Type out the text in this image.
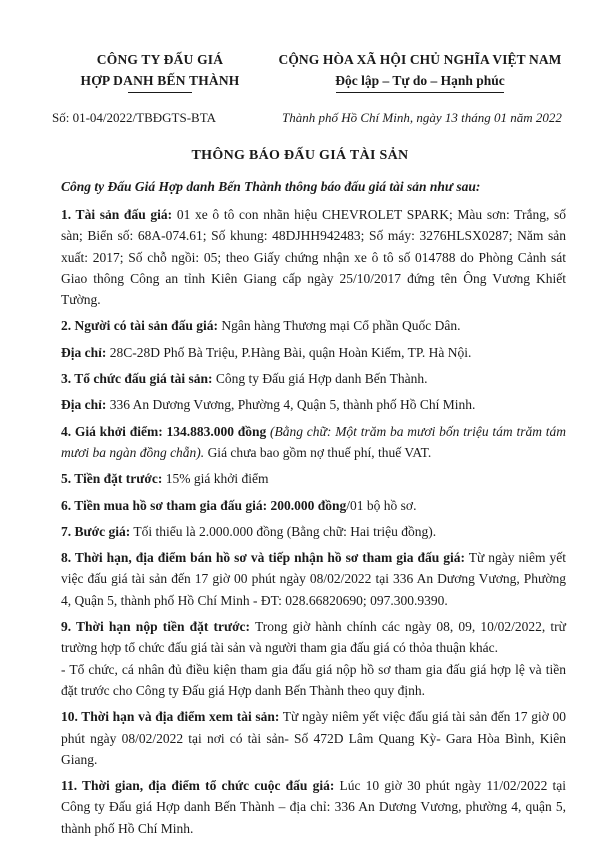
CÔNG TY ĐẤU GIÁ
HỢP DANH BẾN THÀNH
CỘNG HÒA XÃ HỘI CHỦ NGHĨA VIỆT NAM
Độc lập – Tự do – Hạnh phúc
Số: 01-04/2022/TBĐGTS-BTA	Thành phố Hồ Chí Minh, ngày 13 tháng 01 năm 2022
THÔNG BÁO ĐẤU GIÁ TÀI SẢN
Công ty Đấu Giá Hợp danh Bến Thành thông báo đấu giá tài sản như sau:

1. Tài sản đấu giá: 01 xe ô tô con nhãn hiệu CHEVROLET SPARK; Màu sơn: Trắng, số sàn; Biển số: 68A-074.61; Số khung: 48DJHH942483; Số máy: 3276HLSX0287; Năm sản xuất: 2017; Số chỗ ngồi: 05; theo Giấy chứng nhận xe ô tô số 014788 do Phòng Cảnh sát Giao thông Công an tỉnh Kiên Giang cấp ngày 25/10/2017 đứng tên Ông Vương Khiết Tường.

2. Người có tài sản đấu giá: Ngân hàng Thương mại Cổ phần Quốc Dân.

Địa chỉ: 28C-28D Phố Bà Triệu, P.Hàng Bài, quận Hoàn Kiếm, TP. Hà Nội.

3. Tổ chức đấu giá tài sản: Công ty Đấu giá Hợp danh Bến Thành.

Địa chỉ: 336 An Dương Vương, Phường 4, Quận 5, thành phố Hồ Chí Minh.

4. Giá khởi điểm: 134.883.000 đồng (Bằng chữ: Một trăm ba mươi bốn triệu tám trăm tám mươi ba ngàn đồng chẵn). Giá chưa bao gồm nợ thuế phí, thuế VAT.

5. Tiền đặt trước: 15% giá khởi điểm

6. Tiền mua hồ sơ tham gia đấu giá: 200.000 đồng/01 bộ hồ sơ.

7. Bước giá: Tối thiểu là 2.000.000 đồng (Bằng chữ: Hai triệu đồng).

8. Thời hạn, địa điểm bán hồ sơ và tiếp nhận hồ sơ tham gia đấu giá: Từ ngày niêm yết việc đấu giá tài sản đến 17 giờ 00 phút ngày 08/02/2022 tại 336 An Dương Vương, Phường 4, Quận 5, thành phố Hồ Chí Minh - ĐT: 028.66820690; 097.300.9390.

9. Thời hạn nộp tiền đặt trước: Trong giờ hành chính các ngày 08, 09, 10/02/2022, trừ trường hợp tổ chức đấu giá tài sản và người tham gia đấu giá có thỏa thuận khác.

- Tổ chức, cá nhân đủ điều kiện tham gia đấu giá nộp hồ sơ tham gia đấu giá hợp lệ và tiền đặt trước cho Công ty Đấu giá Hợp danh Bến Thành theo quy định.

10. Thời hạn và địa điểm xem tài sản: Từ ngày niêm yết việc đấu giá tài sản đến 17 giờ 00 phút ngày 08/02/2022 tại nơi có tài sản- Số 472D Lâm Quang Kỳ- Gara Hòa Bình, Kiên Giang.

11. Thời gian, địa điểm tổ chức cuộc đấu giá: Lúc 10 giờ 30 phút ngày 11/02/2022 tại Công ty Đấu giá Hợp danh Bến Thành – địa chỉ: 336 An Dương Vương, phường 4, quận 5, thành phố Hồ Chí Minh.
